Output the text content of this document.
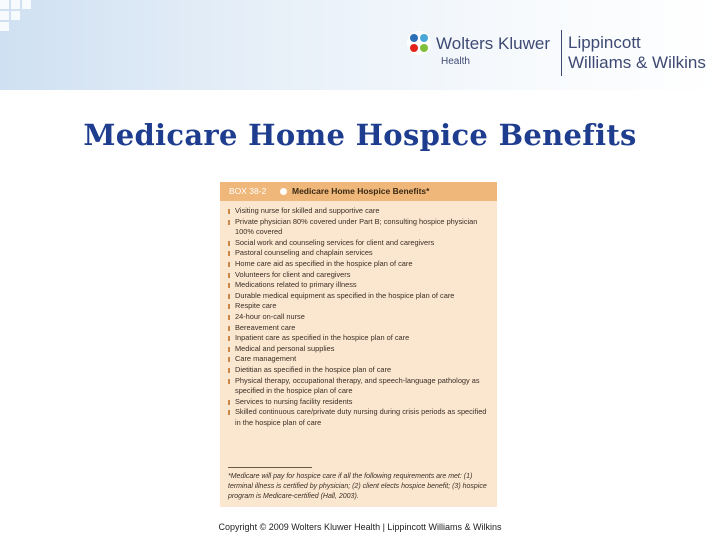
Wolters Kluwer
Health
Lippincott
Williams & Wilkins
Medicare Home Hospice Benefits
BOX 38-2	Medicare Home Hospice Benefits*
Visiting nurse for skilled and supportive care
Private physician 80% covered under Part B; consulting hospice physician 100% covered
Social work and counseling services for client and caregivers
Pastoral counseling and chaplain services
Home care aid as specified in the hospice plan of care
Volunteers for client and caregivers
Medications related to primary illness
Durable medical equipment as specified in the hospice plan of care
Respite care
24-hour on-call nurse
Bereavement care
Inpatient care as specified in the hospice plan of care
Medical and personal supplies
Care management
Dietitian as specified in the hospice plan of care
Physical therapy, occupational therapy, and speech-language pathology as specified in the hospice plan of care
Services to nursing facility residents
Skilled continuous care/private duty nursing during crisis periods as specified in the hospice plan of care
*Medicare will pay for hospice care if all the following requirements are met: (1) terminal illness is certified by physician; (2) client elects hospice benefit; (3) hospice program is Medicare-certified (Hall, 2003).
Copyright © 2009 Wolters Kluwer Health | Lippincott Williams & Wilkins
